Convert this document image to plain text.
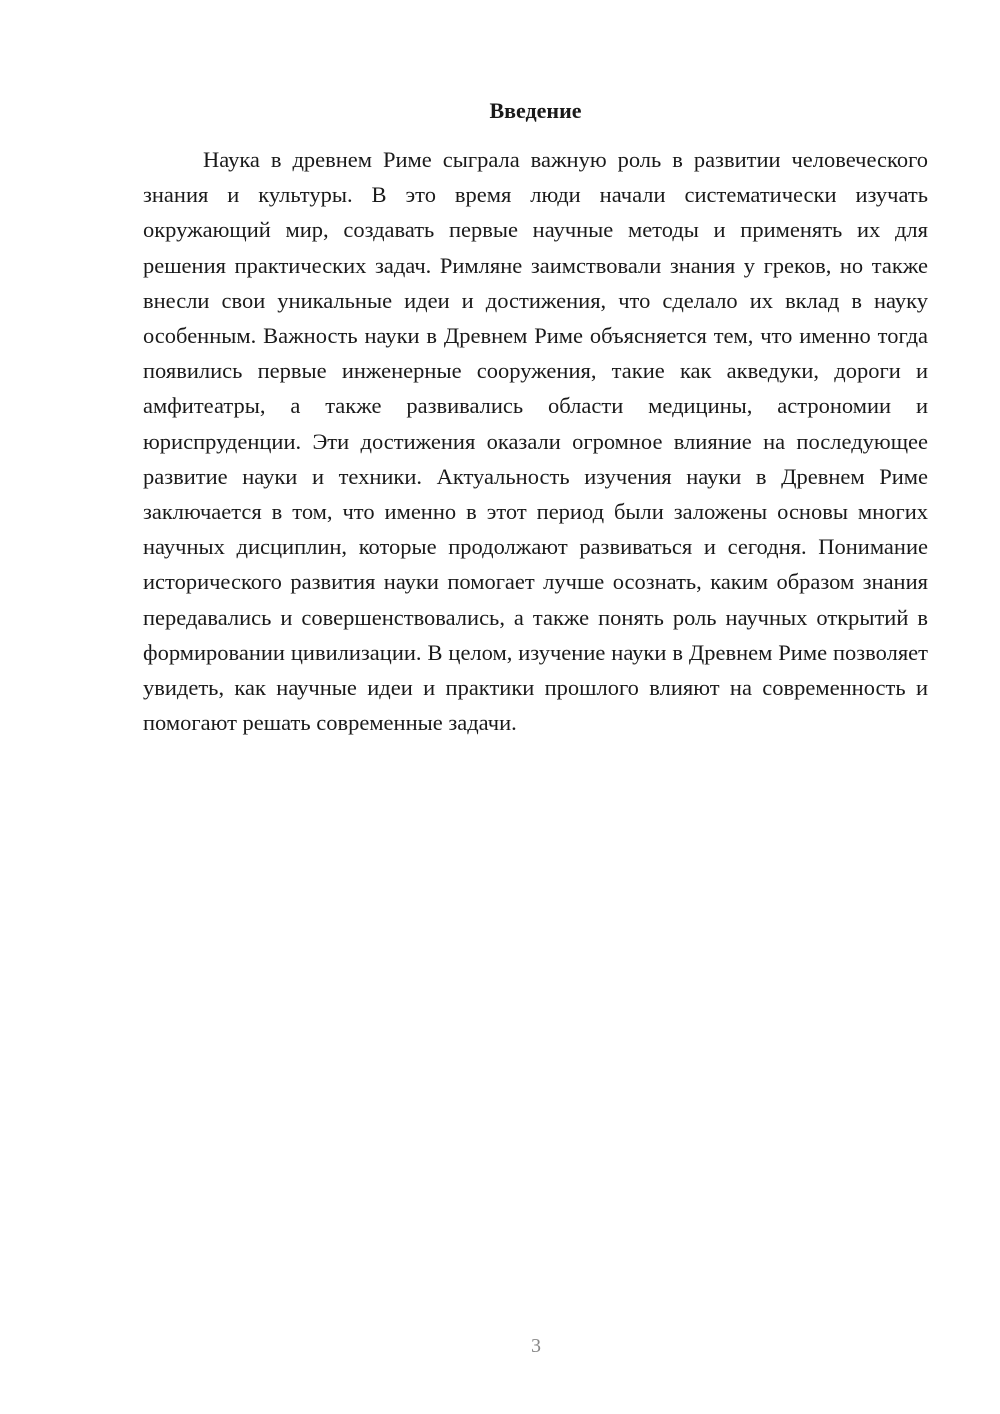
Введение

Наука в древнем Риме сыграла важную роль в развитии человеческого знания и культуры. В это время люди начали систематически изучать окружающий мир, создавать первые научные методы и применять их для решения практических задач. Римляне заимствовали знания у греков, но также внесли свои уникальные идеи и достижения, что сделало их вклад в науку особенным. Важность науки в Древнем Риме объясняется тем, что именно тогда появились первые инженерные сооружения, такие как акведуки, дороги и амфитеатры, а также развивались области медицины, астрономии и юриспруденции. Эти достижения оказали огромное влияние на последующее развитие науки и техники. Актуальность изучения науки в Древнем Риме заключается в том, что именно в этот период были заложены основы многих научных дисциплин, которые продолжают развиваться и сегодня. Понимание исторического развития науки помогает лучше осознать, каким образом знания передавались и совершенствовались, а также понять роль научных открытий в формировании цивилизации. В целом, изучение науки в Древнем Риме позволяет увидеть, как научные идеи и практики прошлого влияют на современность и помогают решать современные задачи.

3
